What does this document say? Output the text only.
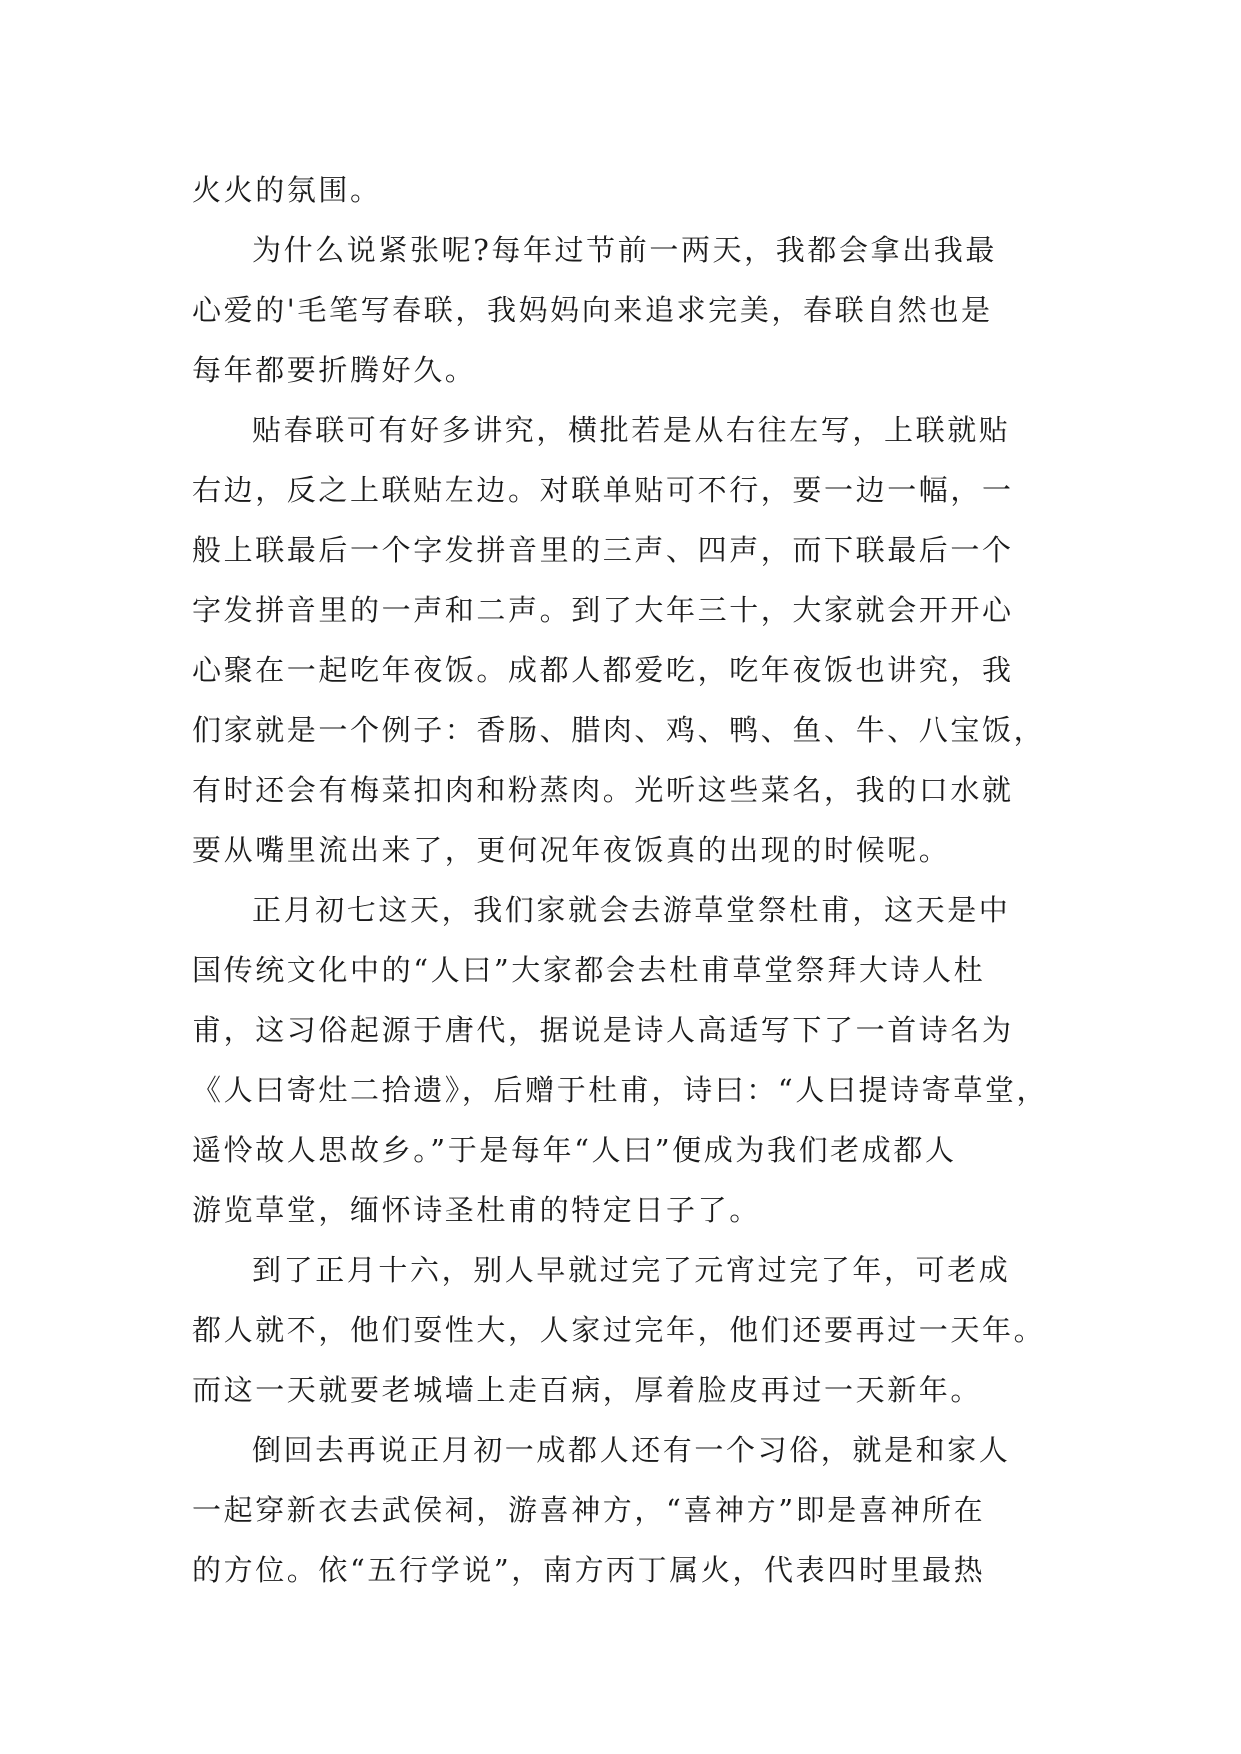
火火的氛围。
为什么说紧张呢?每年过节前一两天，我都会拿出我最
心爱的'毛笔写春联，我妈妈向来追求完美，春联自然也是
每年都要折腾好久。
贴春联可有好多讲究，横批若是从右往左写，上联就贴
右边，反之上联贴左边。对联单贴可不行，要一边一幅，一
般上联最后一个字发拼音里的三声、四声，而下联最后一个
字发拼音里的一声和二声。到了大年三十，大家就会开开心
心聚在一起吃年夜饭。成都人都爱吃，吃年夜饭也讲究，我
们家就是一个例子：香肠、腊肉、鸡、鸭、鱼、牛、八宝饭，
有时还会有梅菜扣肉和粉蒸肉。光听这些菜名，我的口水就
要从嘴里流出来了，更何况年夜饭真的出现的时候呢。
正月初七这天，我们家就会去游草堂祭杜甫，这天是中
国传统文化中的“人曰”大家都会去杜甫草堂祭拜大诗人杜
甫，这习俗起源于唐代，据说是诗人高适写下了一首诗名为
《人曰寄灶二拾遗》，后赠于杜甫，诗曰：“人曰提诗寄草堂，
遥怜故人思故乡。”于是每年“人曰”便成为我们老成都人
游览草堂，缅怀诗圣杜甫的特定日子了。
到了正月十六，别人早就过完了元宵过完了年，可老成
都人就不，他们耍性大，人家过完年，他们还要再过一天年。
而这一天就要老城墙上走百病，厚着脸皮再过一天新年。
倒回去再说正月初一成都人还有一个习俗，就是和家人
一起穿新衣去武侯祠，游喜神方，“喜神方”即是喜神所在
的方位。依“五行学说”，南方丙丁属火，代表四时里最热
